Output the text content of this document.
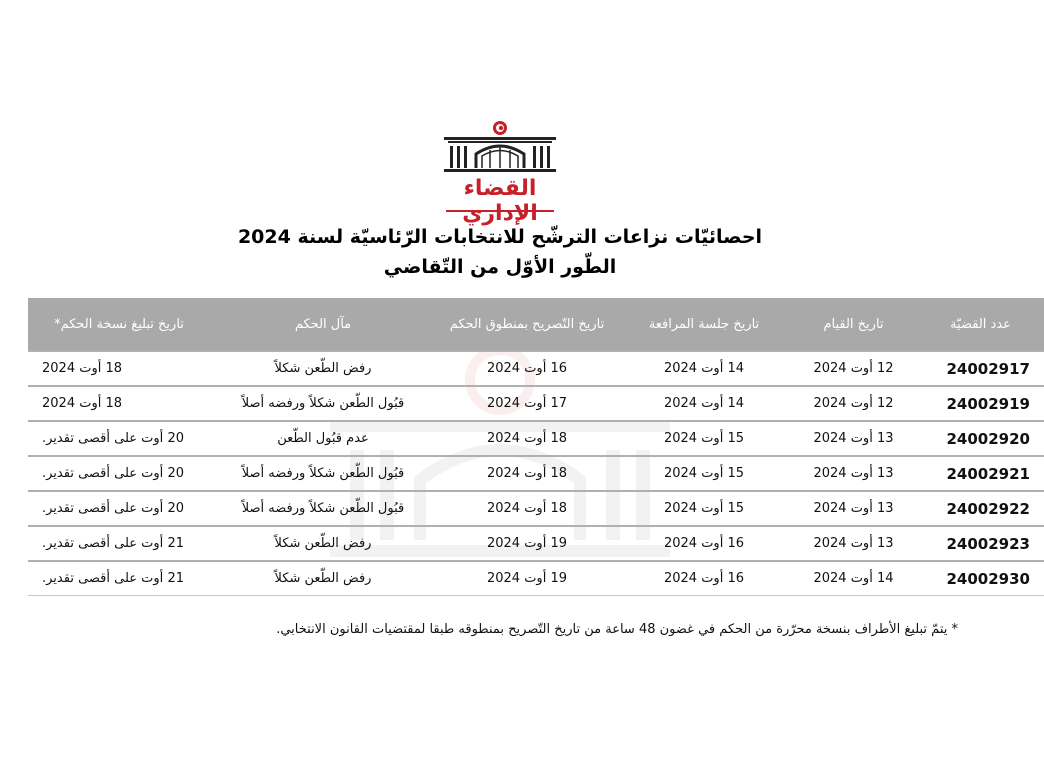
القضاء الإداري
احصائيّات نزاعات الترشّح للانتخابات الرّئاسيّة لسنة 2024
الطّور الأوّل من التّقاضي
عدد القضيّة	تاريخ القيام	تاريخ جلسة المرافعة	تاريخ التّصريح بمنطوق الحكم	مآل الحكم	تاريخ تبليغ نسخة الحكم*
24002917	12 أوت 2024	14 أوت 2024	16 أوت 2024	رفض الطّعن شكلاً	18 أوت 2024
24002919	12 أوت 2024	14 أوت 2024	17 أوت 2024	قبُول الطّعن شكلاً ورفضه أصلاً	18 أوت 2024
24002920	13 أوت 2024	15 أوت 2024	18 أوت 2024	عدم قبُول الطّعن	20 أوت على أقصى تقدير.
24002921	13 أوت 2024	15 أوت 2024	18 أوت 2024	قبُول الطّعن شكلاً ورفضه أصلاً	20 أوت على أقصى تقدير.
24002922	13 أوت 2024	15 أوت 2024	18 أوت 2024	قبُول الطّعن شكلاً ورفضه أصلاً	20 أوت على أقصى تقدير.
24002923	13 أوت 2024	16 أوت 2024	19 أوت 2024	رفض الطّعن شكلاً	21 أوت على أقصى تقدير.
24002930	14 أوت 2024	16 أوت 2024	19 أوت 2024	رفض الطّعن شكلاً	21 أوت على أقصى تقدير.
* يتمّ تبليغ الأطراف بنسخة محرّرة من الحكم في غضون 48 ساعة من تاريخ التّصريح بمنطوقه طبقا لمقتضيات القانون الانتخابي.
